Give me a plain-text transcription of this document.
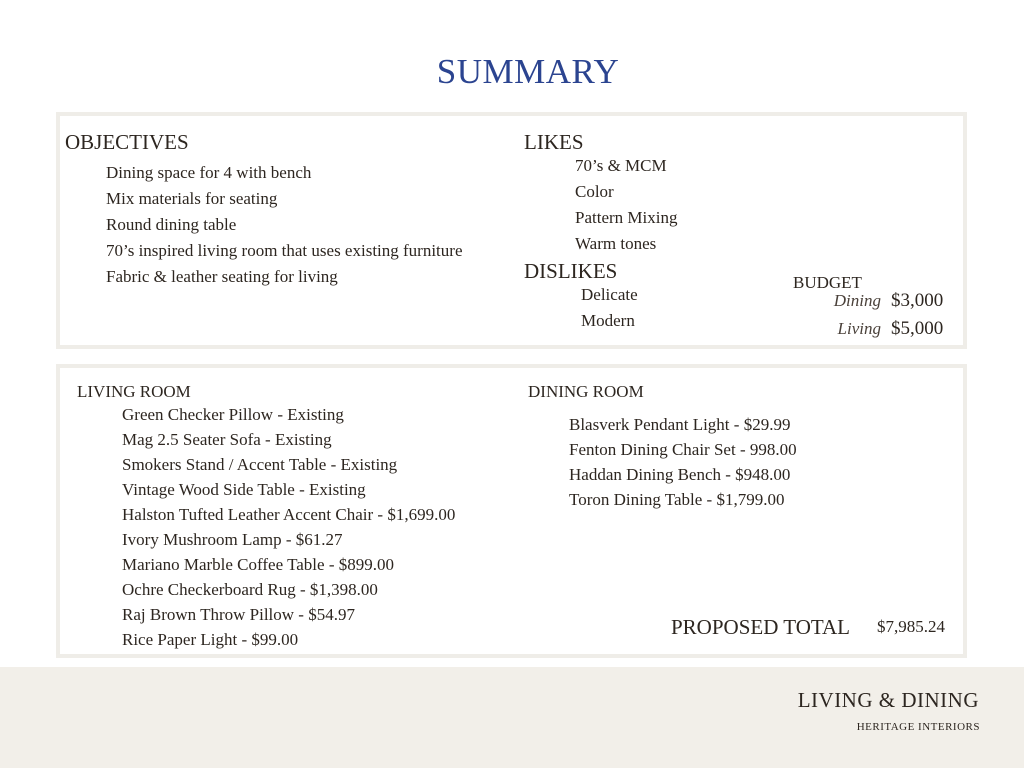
SUMMARY
OBJECTIVES
Dining space for 4 with bench
Mix materials for seating
Round dining table
70’s inspired living room that uses existing furniture
Fabric & leather seating for living
LIKES
70’s & MCM
Color
Pattern Mixing
Warm tones
DISLIKES
Delicate
Modern
BUDGET
Dining $3,000
Living $5,000
LIVING ROOM
Green Checker Pillow - Existing
Mag 2.5 Seater Sofa - Existing
Smokers Stand / Accent Table - Existing
Vintage Wood Side Table - Existing
Halston Tufted Leather Accent Chair - $1,699.00
Ivory Mushroom Lamp - $61.27
Mariano Marble Coffee Table - $899.00
Ochre Checkerboard Rug - $1,398.00
Raj Brown Throw Pillow - $54.97
Rice Paper Light - $99.00
DINING ROOM
Blasverk Pendant Light - $29.99
Fenton Dining Chair Set - 998.00
Haddan Dining Bench - $948.00
Toron Dining Table - $1,799.00
PROPOSED TOTAL $7,985.24
LIVING & DINING
HERITAGE INTERIORS
